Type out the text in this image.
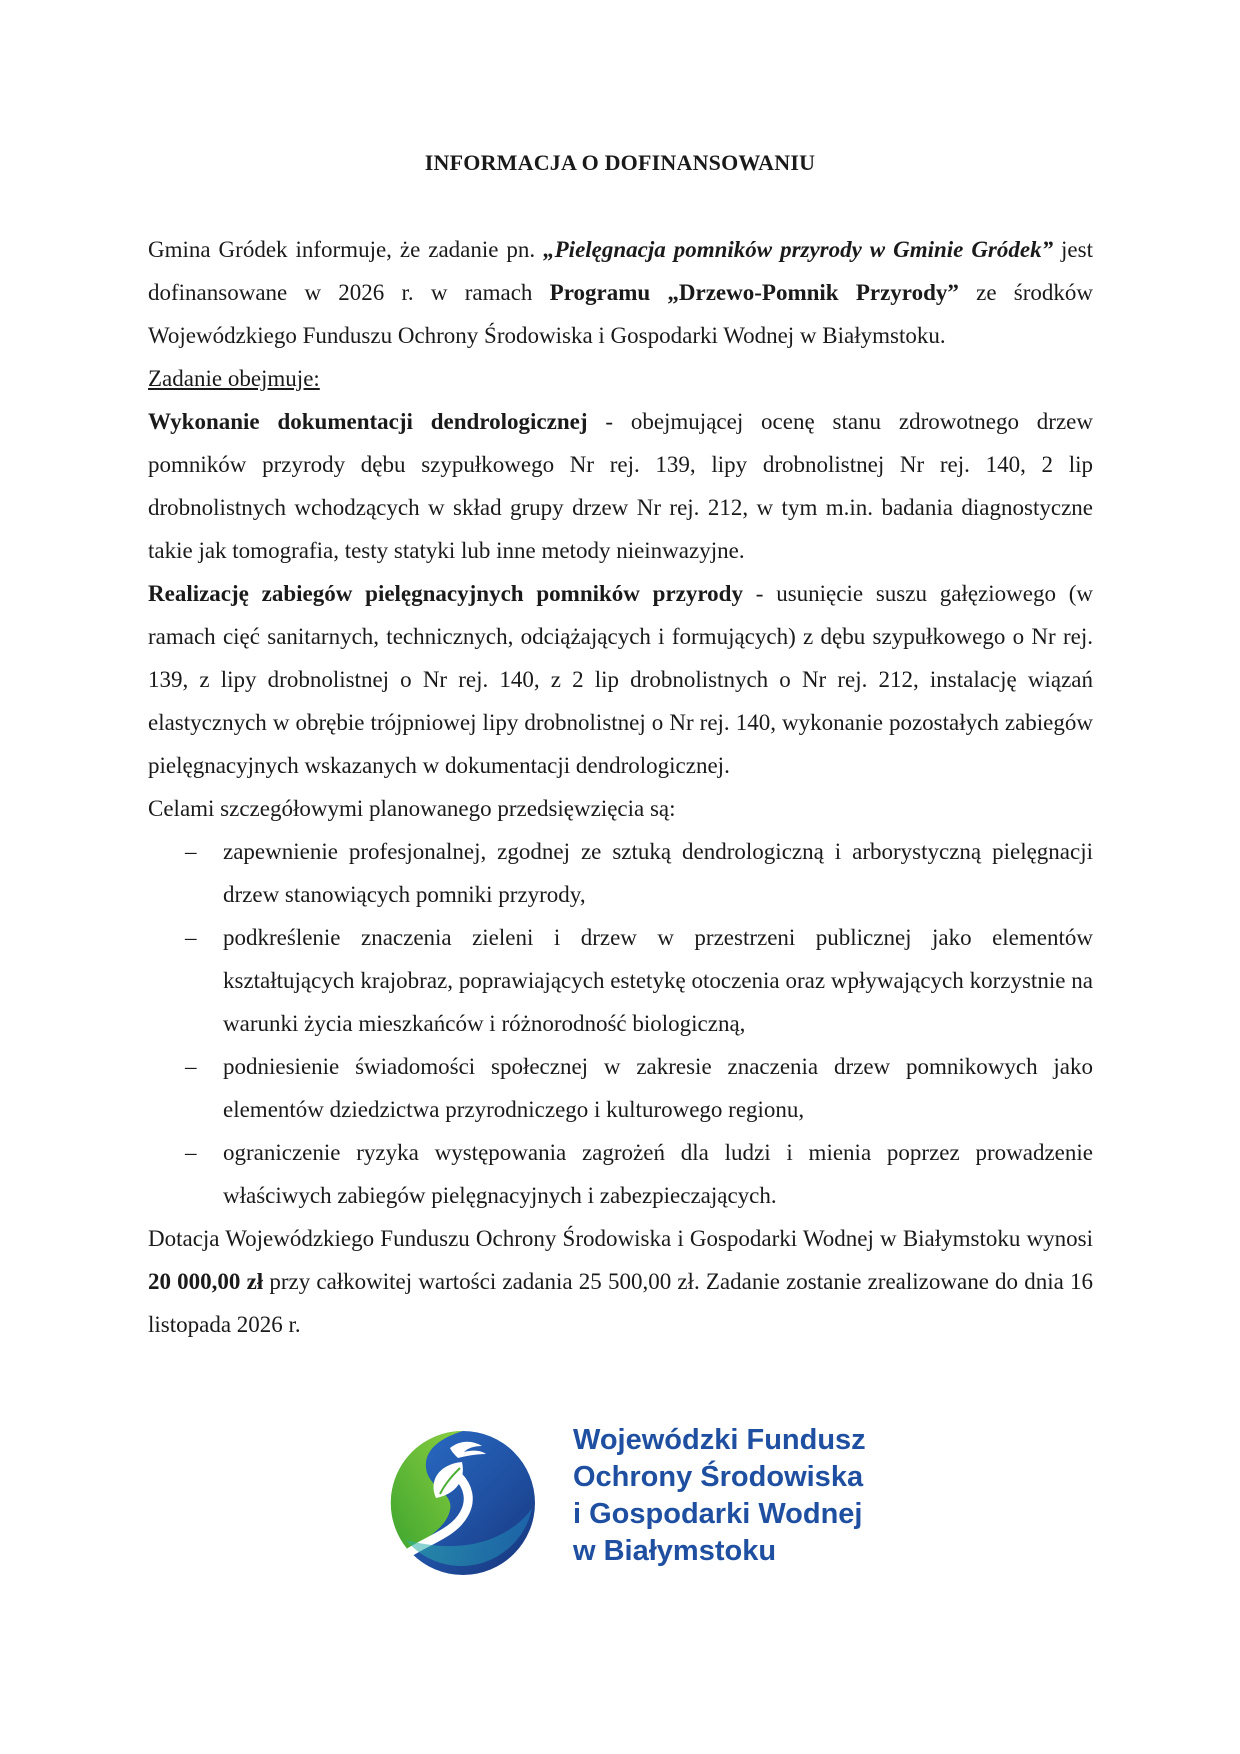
INFORMACJA O DOFINANSOWANIU

Gmina Gródek informuje, że zadanie pn. „Pielęgnacja pomników przyrody w Gminie Gródek” jest dofinansowane w 2026 r. w ramach Programu „Drzewo-Pomnik Przyrody” ze środków Wojewódzkiego Funduszu Ochrony Środowiska i Gospodarki Wodnej w Białymstoku.

Zadanie obejmuje:

Wykonanie dokumentacji dendrologicznej - obejmującej ocenę stanu zdrowotnego drzew pomników przyrody dębu szypułkowego Nr rej. 139, lipy drobnolistnej Nr rej. 140, 2 lip drobnolistnych wchodzących w skład grupy drzew Nr rej. 212, w tym m.in. badania diagnostyczne takie jak tomografia, testy statyki lub inne metody nieinwazyjne.

Realizację zabiegów pielęgnacyjnych pomników przyrody - usunięcie suszu gałęziowego (w ramach cięć sanitarnych, technicznych, odciążających i formujących) z dębu szypułkowego o Nr rej. 139, z lipy drobnolistnej o Nr rej. 140, z 2 lip drobnolistnych o Nr rej. 212, instalację wiązań elastycznych w obrębie trójpniowej lipy drobnolistnej o Nr rej. 140, wykonanie pozostałych zabiegów pielęgnacyjnych wskazanych w dokumentacji dendrologicznej.

Celami szczegółowymi planowanego przedsięwzięcia są:

– zapewnienie profesjonalnej, zgodnej ze sztuką dendrologiczną i arborystyczną pielęgnacji drzew stanowiących pomniki przyrody,
– podkreślenie znaczenia zieleni i drzew w przestrzeni publicznej jako elementów kształtujących krajobraz, poprawiających estetykę otoczenia oraz wpływających korzystnie na warunki życia mieszkańców i różnorodność biologiczną,
– podniesienie świadomości społecznej w zakresie znaczenia drzew pomnikowych jako elementów dziedzictwa przyrodniczego i kulturowego regionu,
– ograniczenie ryzyka występowania zagrożeń dla ludzi i mienia poprzez prowadzenie właściwych zabiegów pielęgnacyjnych i zabezpieczających.

Dotacja Wojewódzkiego Funduszu Ochrony Środowiska i Gospodarki Wodnej w Białymstoku wynosi 20 000,00 zł przy całkowitej wartości zadania 25 500,00 zł. Zadanie zostanie zrealizowane do dnia 16 listopada 2026 r.

Wojewódzki Fundusz
Ochrony Środowiska
i Gospodarki Wodnej
w Białymstoku
